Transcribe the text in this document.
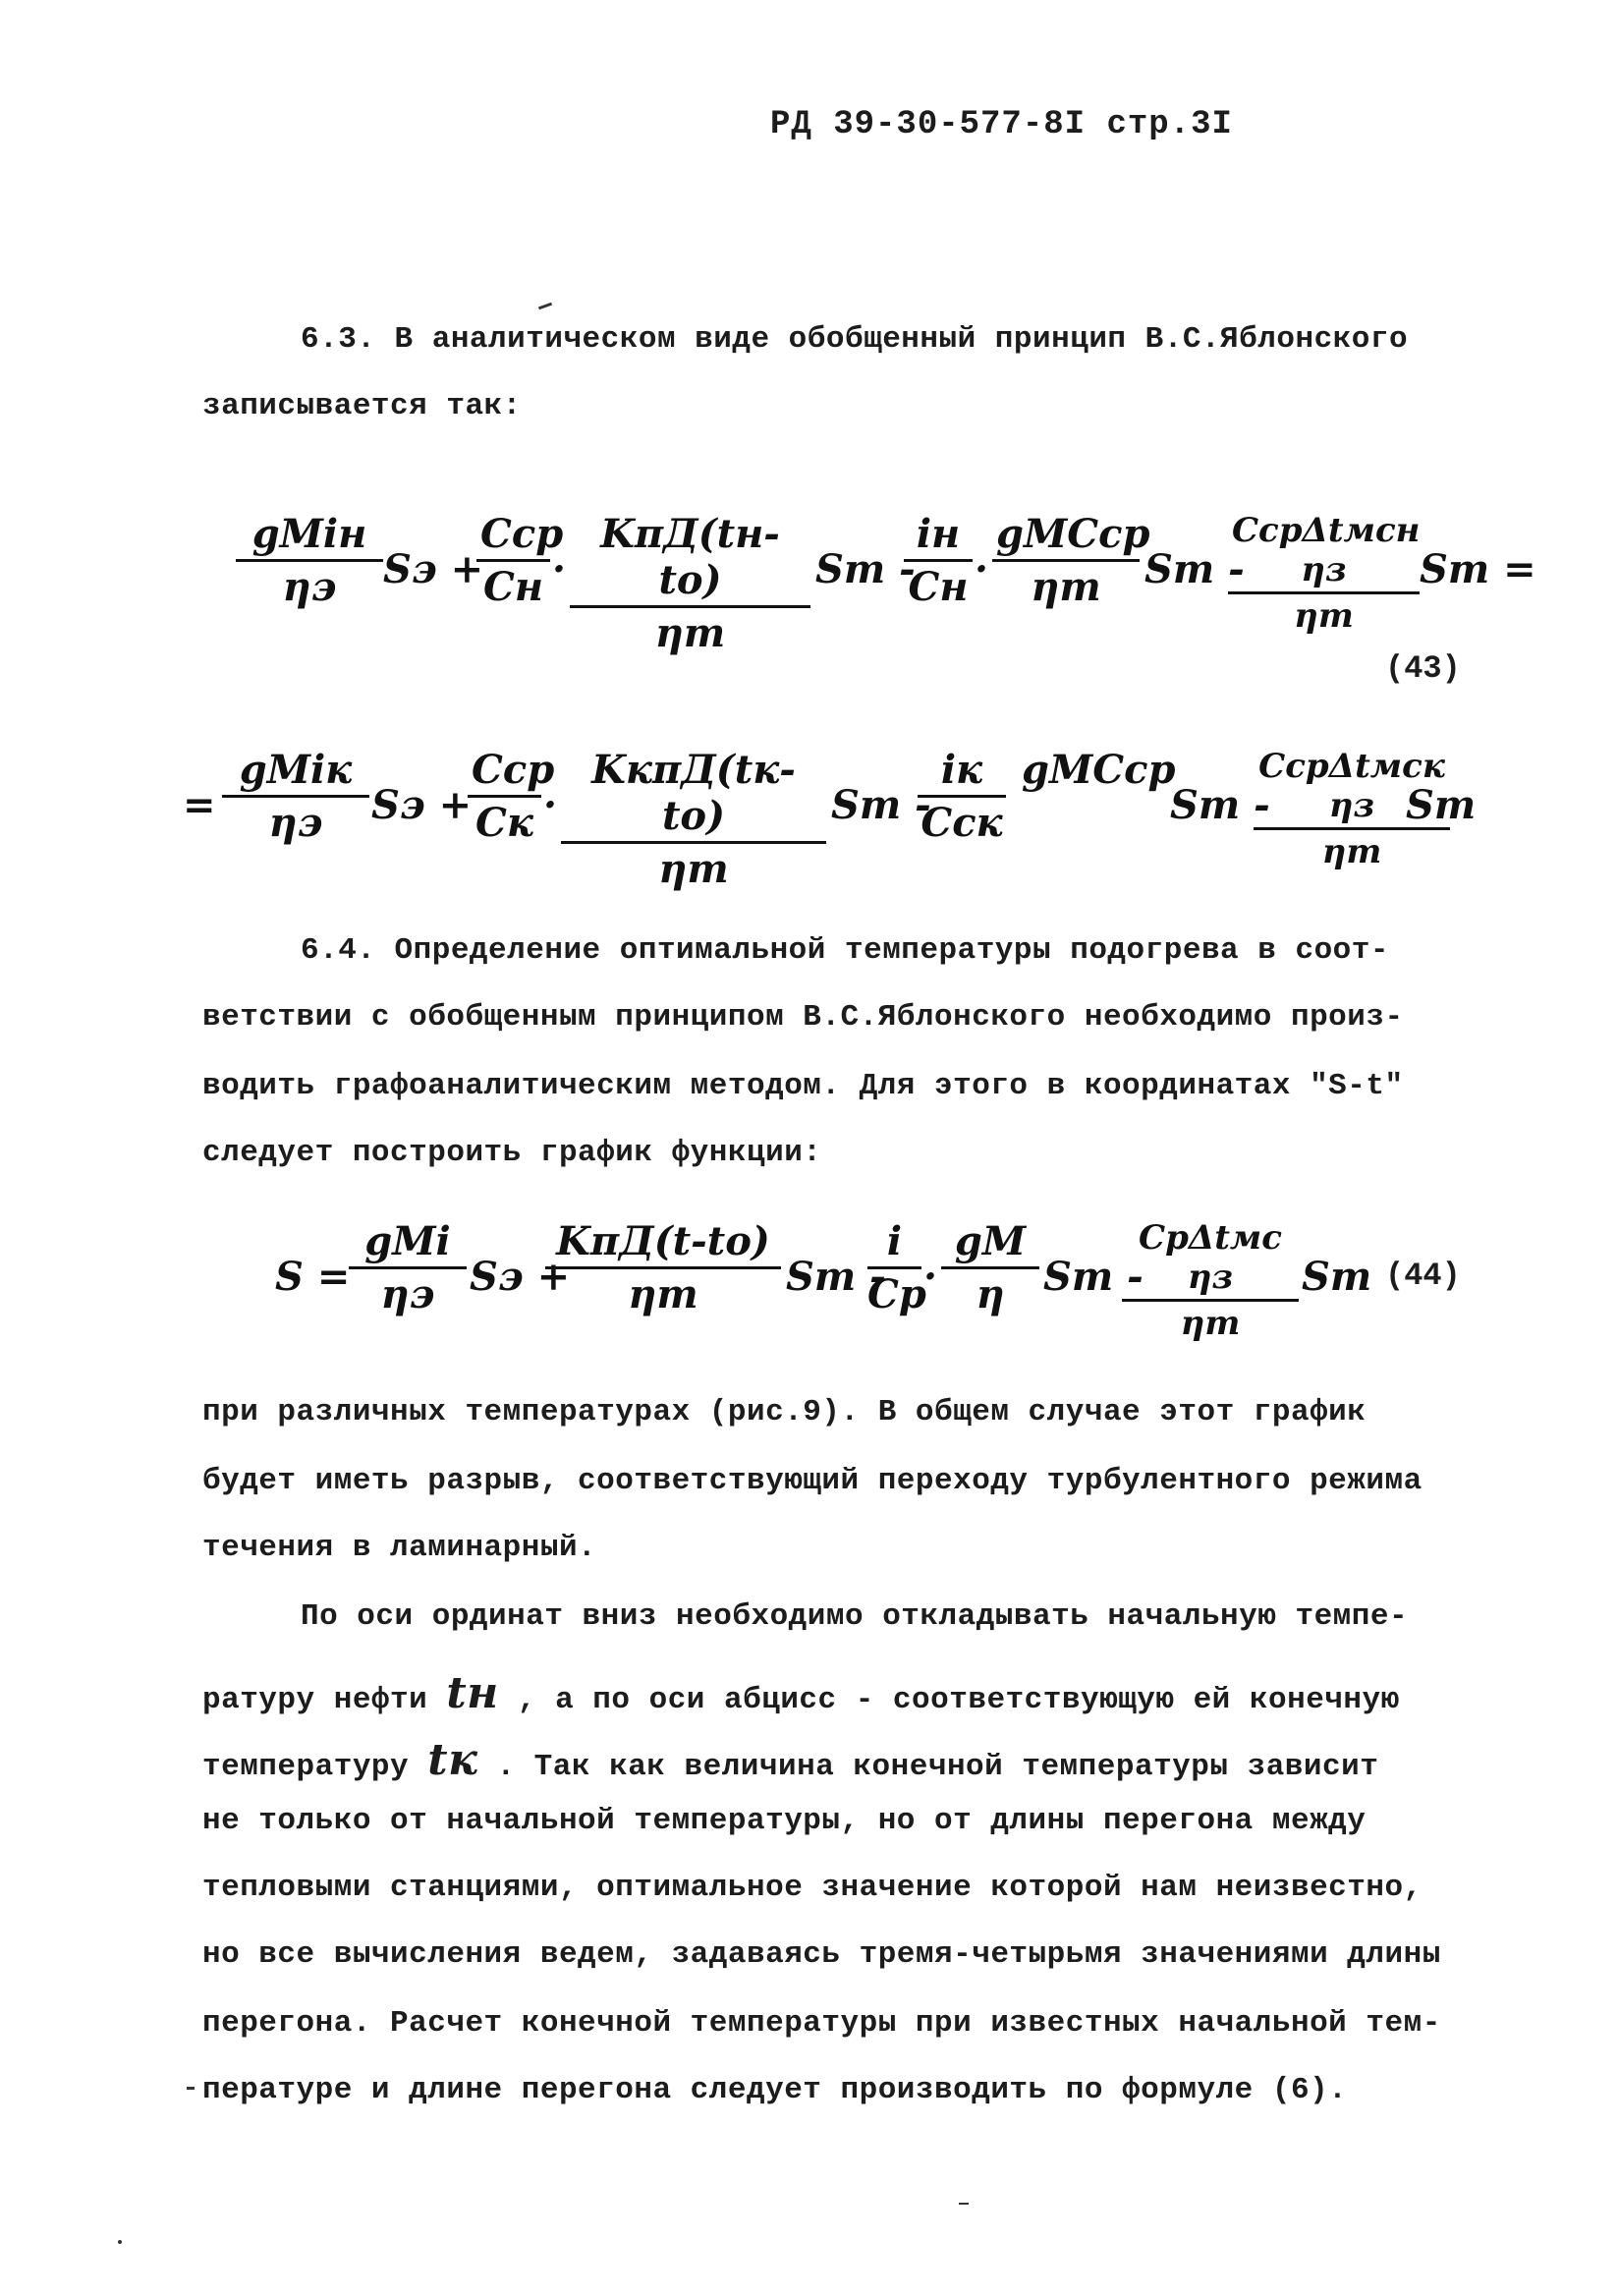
РД 39-30-577-8I стр.3I
6.3. В аналитическом виде обобщенный принцип В.С.Яблонского
записывается так:
gMiн
ηэ	Sэ +
Cср
Cн ·
KπД(tн-tо)
ηт
Sт -
iн
Cн ·
gMCср
ηт	Sт -
CсрΔtмсн ηз
ηт
Sт =
(43)
=
gMiк
ηэ	Sэ +
Cср
Cк ·
KкπД(tк-tо)
ηт
Sт -
iк
Cск
gMCср
Sт -
CсрΔtмск ηз
ηт
Sт
6.4. Определение оптимальной температуры подогрева в соот-
ветствии с обобщенным принципом В.С.Яблонского необходимо произ-
водить графоаналитическим методом. Для этого в координатах "S-t"
следует построить график функции:
S =
gMi
ηэ Sэ +
KπД(t-tо)
ηт	Sт -
i
Cр
· $\frac{gM}{\eta}$ Sт -
CрΔtмс ηз
ηт
Sт (44)
при различных температурах (рис.9). В общем случае этот график
будет иметь разрыв, соответствующий переходу турбулентного режима
течения в ламинарный.
По оси ординат вниз необходимо откладывать начальную темпе-
ратуру нефти tн , а по оси абцисс - соответствующую ей конечную
температуру tк . Так как величина конечной температуры зависит
не только от начальной температуры, но от длины перегона между
тепловыми станциями, оптимальное значение которой нам неизвестно,
но все вычисления ведем, задаваясь тремя-четырьмя значениями длины
перегона. Расчет конечной температуры при известных начальной тем-
пературе и длине перегона следует производить по формуле (6).
